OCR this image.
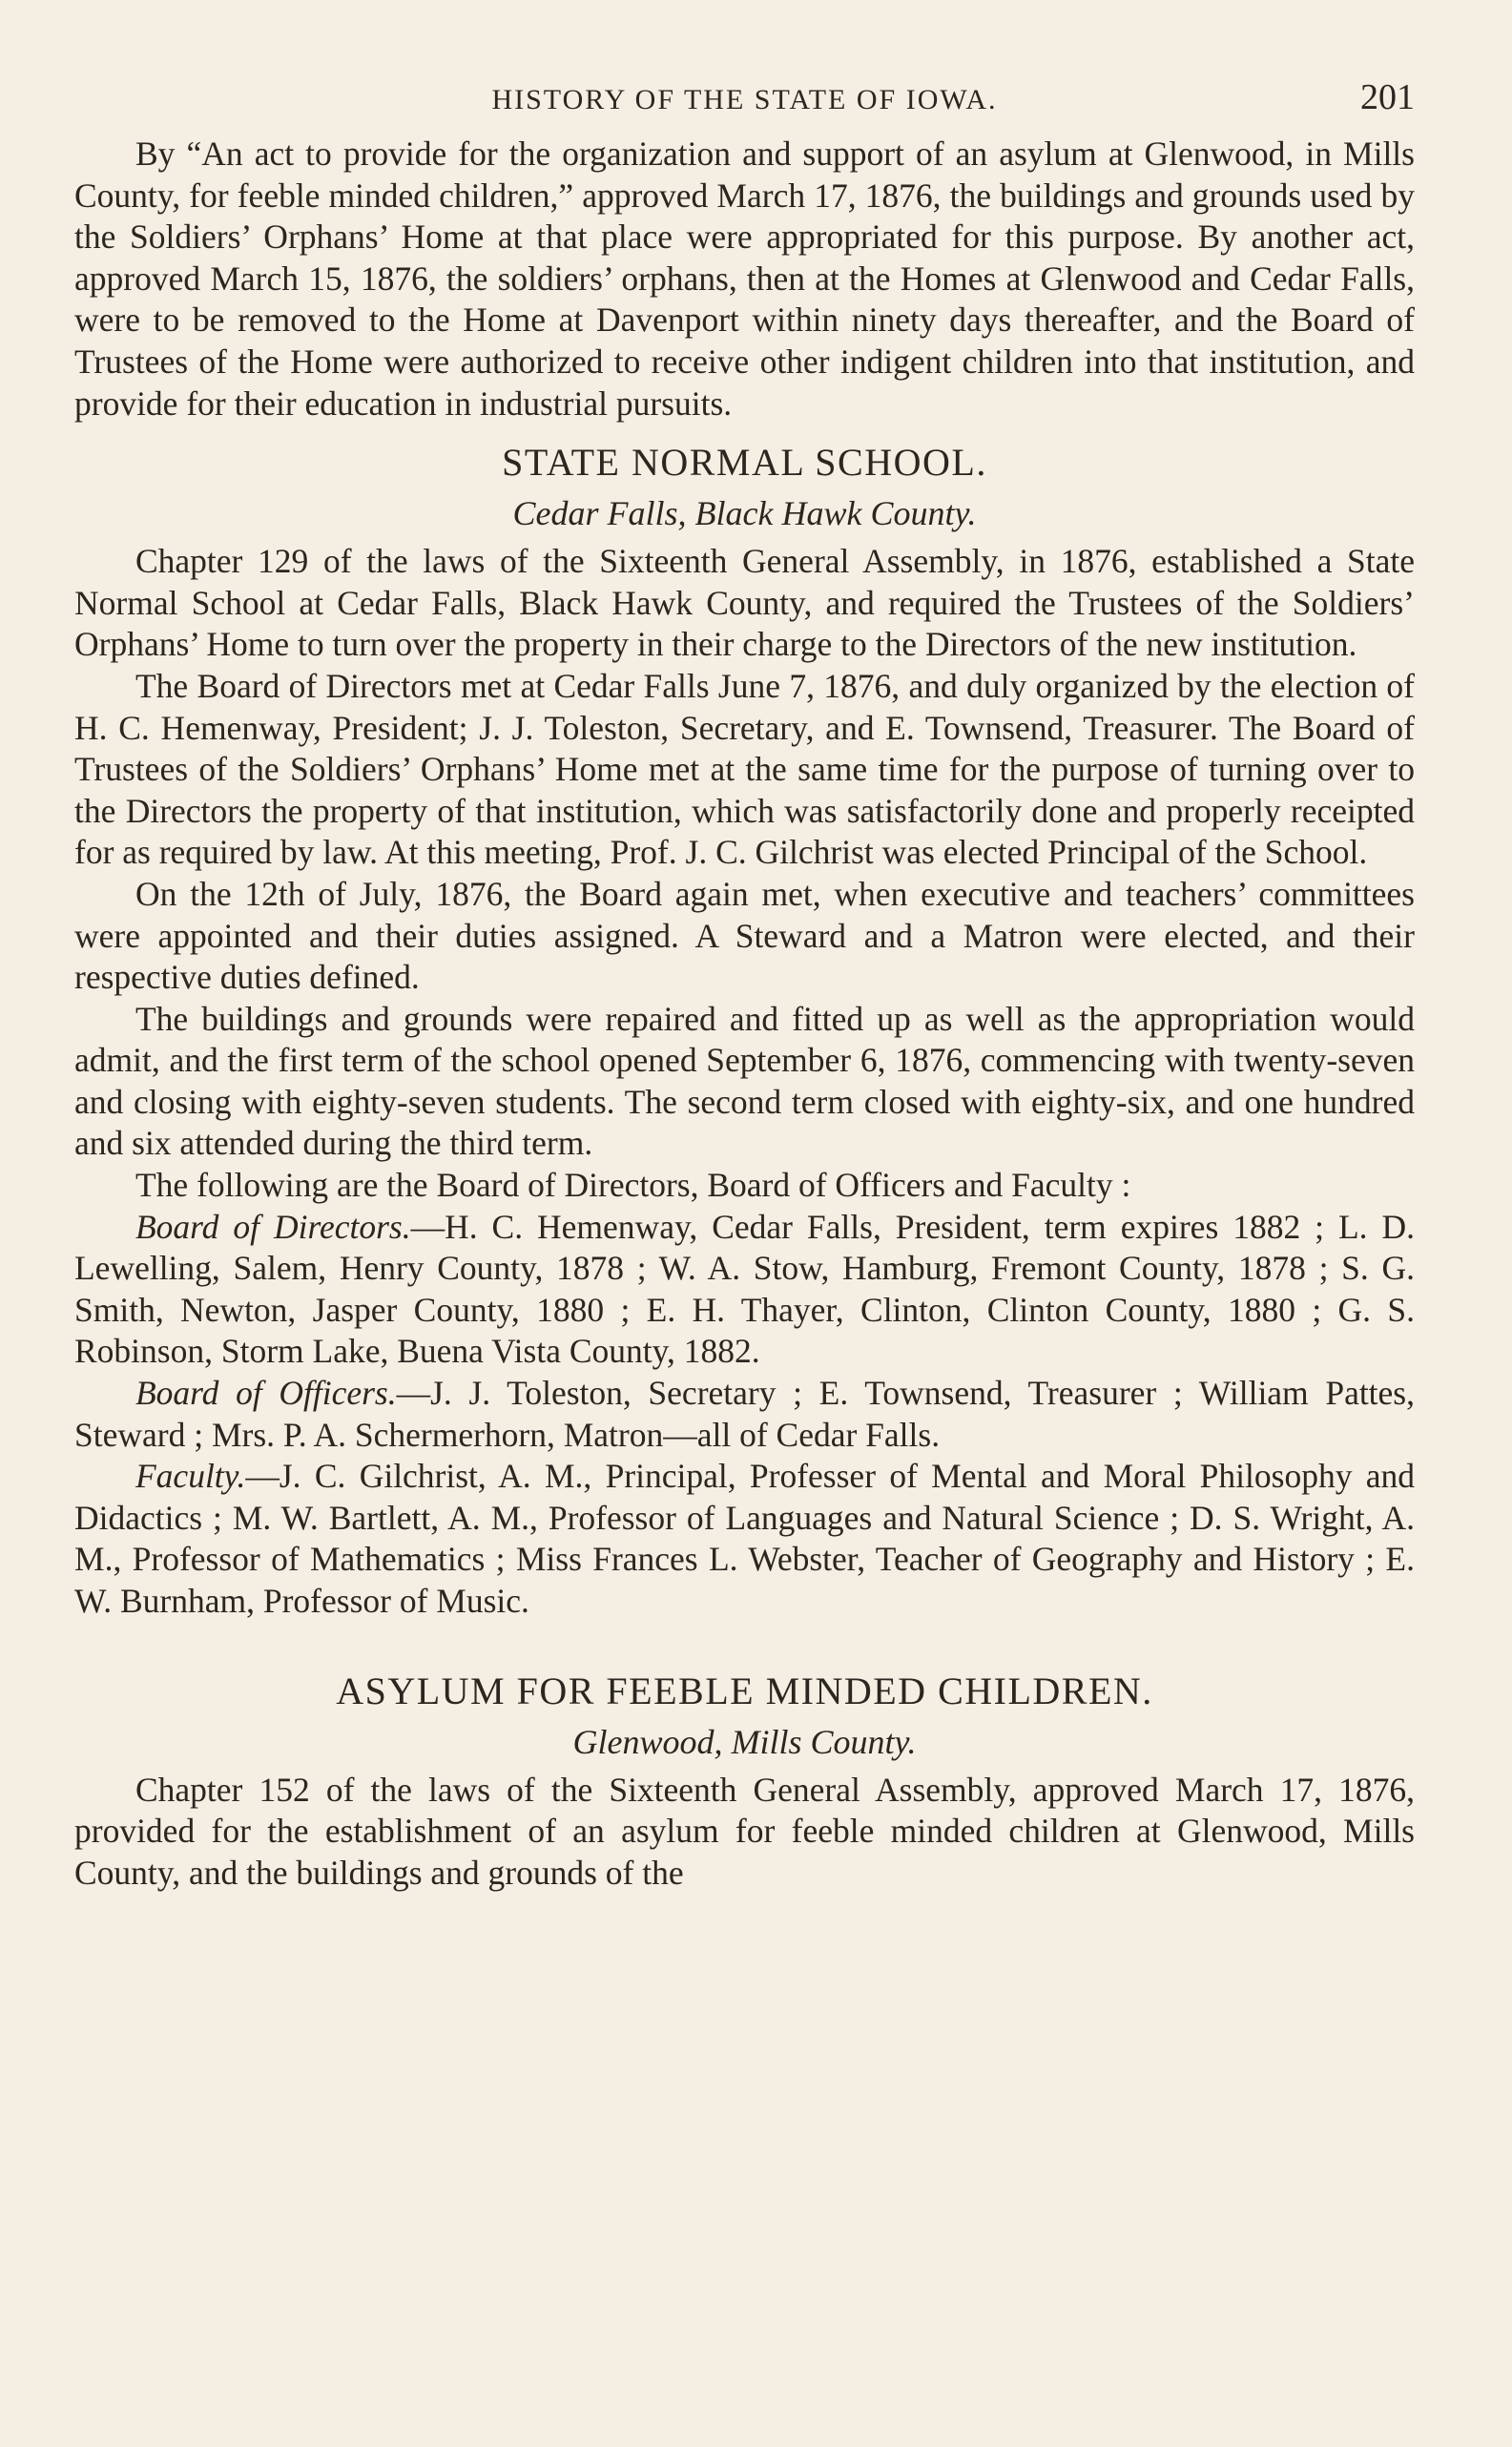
HISTORY OF THE STATE OF IOWA.	201

By “An act to provide for the organization and support of an asylum at Glenwood, in Mills County, for feeble minded children,” approved March 17, 1876, the buildings and grounds used by the Soldiers’ Orphans’ Home at that place were appropriated for this purpose. By another act, approved March 15, 1876, the soldiers’ orphans, then at the Homes at Glenwood and Cedar Falls, were to be removed to the Home at Davenport within ninety days thereafter, and the Board of Trustees of the Home were authorized to receive other indigent children into that institution, and provide for their education in industrial pursuits.

STATE NORMAL SCHOOL.
Cedar Falls, Black Hawk County.

Chapter 129 of the laws of the Sixteenth General Assembly, in 1876, established a State Normal School at Cedar Falls, Black Hawk County, and required the Trustees of the Soldiers’ Orphans’ Home to turn over the property in their charge to the Directors of the new institution.

The Board of Directors met at Cedar Falls June 7, 1876, and duly organized by the election of H. C. Hemenway, President; J. J. Toleston, Secretary, and E. Townsend, Treasurer. The Board of Trustees of the Soldiers’ Orphans’ Home met at the same time for the purpose of turning over to the Directors the property of that institution, which was satisfactorily done and properly receipted for as required by law. At this meeting, Prof. J. C. Gilchrist was elected Principal of the School.

On the 12th of July, 1876, the Board again met, when executive and teachers’ committees were appointed and their duties assigned. A Steward and a Matron were elected, and their respective duties defined.

The buildings and grounds were repaired and fitted up as well as the appropriation would admit, and the first term of the school opened September 6, 1876, commencing with twenty-seven and closing with eighty-seven students. The second term closed with eighty-six, and one hundred and six attended during the third term.

The following are the Board of Directors, Board of Officers and Faculty :

Board of Directors.—H. C. Hemenway, Cedar Falls, President, term expires 1882 ; L. D. Lewelling, Salem, Henry County, 1878 ; W. A. Stow, Hamburg, Fremont County, 1878 ; S. G. Smith, Newton, Jasper County, 1880 ; E. H. Thayer, Clinton, Clinton County, 1880 ; G. S. Robinson, Storm Lake, Buena Vista County, 1882.

Board of Officers.—J. J. Toleston, Secretary ; E. Townsend, Treasurer ; William Pattes, Steward ; Mrs. P. A. Schermerhorn, Matron—all of Cedar Falls.

Faculty.—J. C. Gilchrist, A. M., Principal, Professer of Mental and Moral Philosophy and Didactics ; M. W. Bartlett, A. M., Professor of Languages and Natural Science ; D. S. Wright, A. M., Professor of Mathematics ; Miss Frances L. Webster, Teacher of Geography and History ; E. W. Burnham, Professor of Music.

ASYLUM FOR FEEBLE MINDED CHILDREN.
Glenwood, Mills County.

Chapter 152 of the laws of the Sixteenth General Assembly, approved March 17, 1876, provided for the establishment of an asylum for feeble minded children at Glenwood, Mills County, and the buildings and grounds of the
